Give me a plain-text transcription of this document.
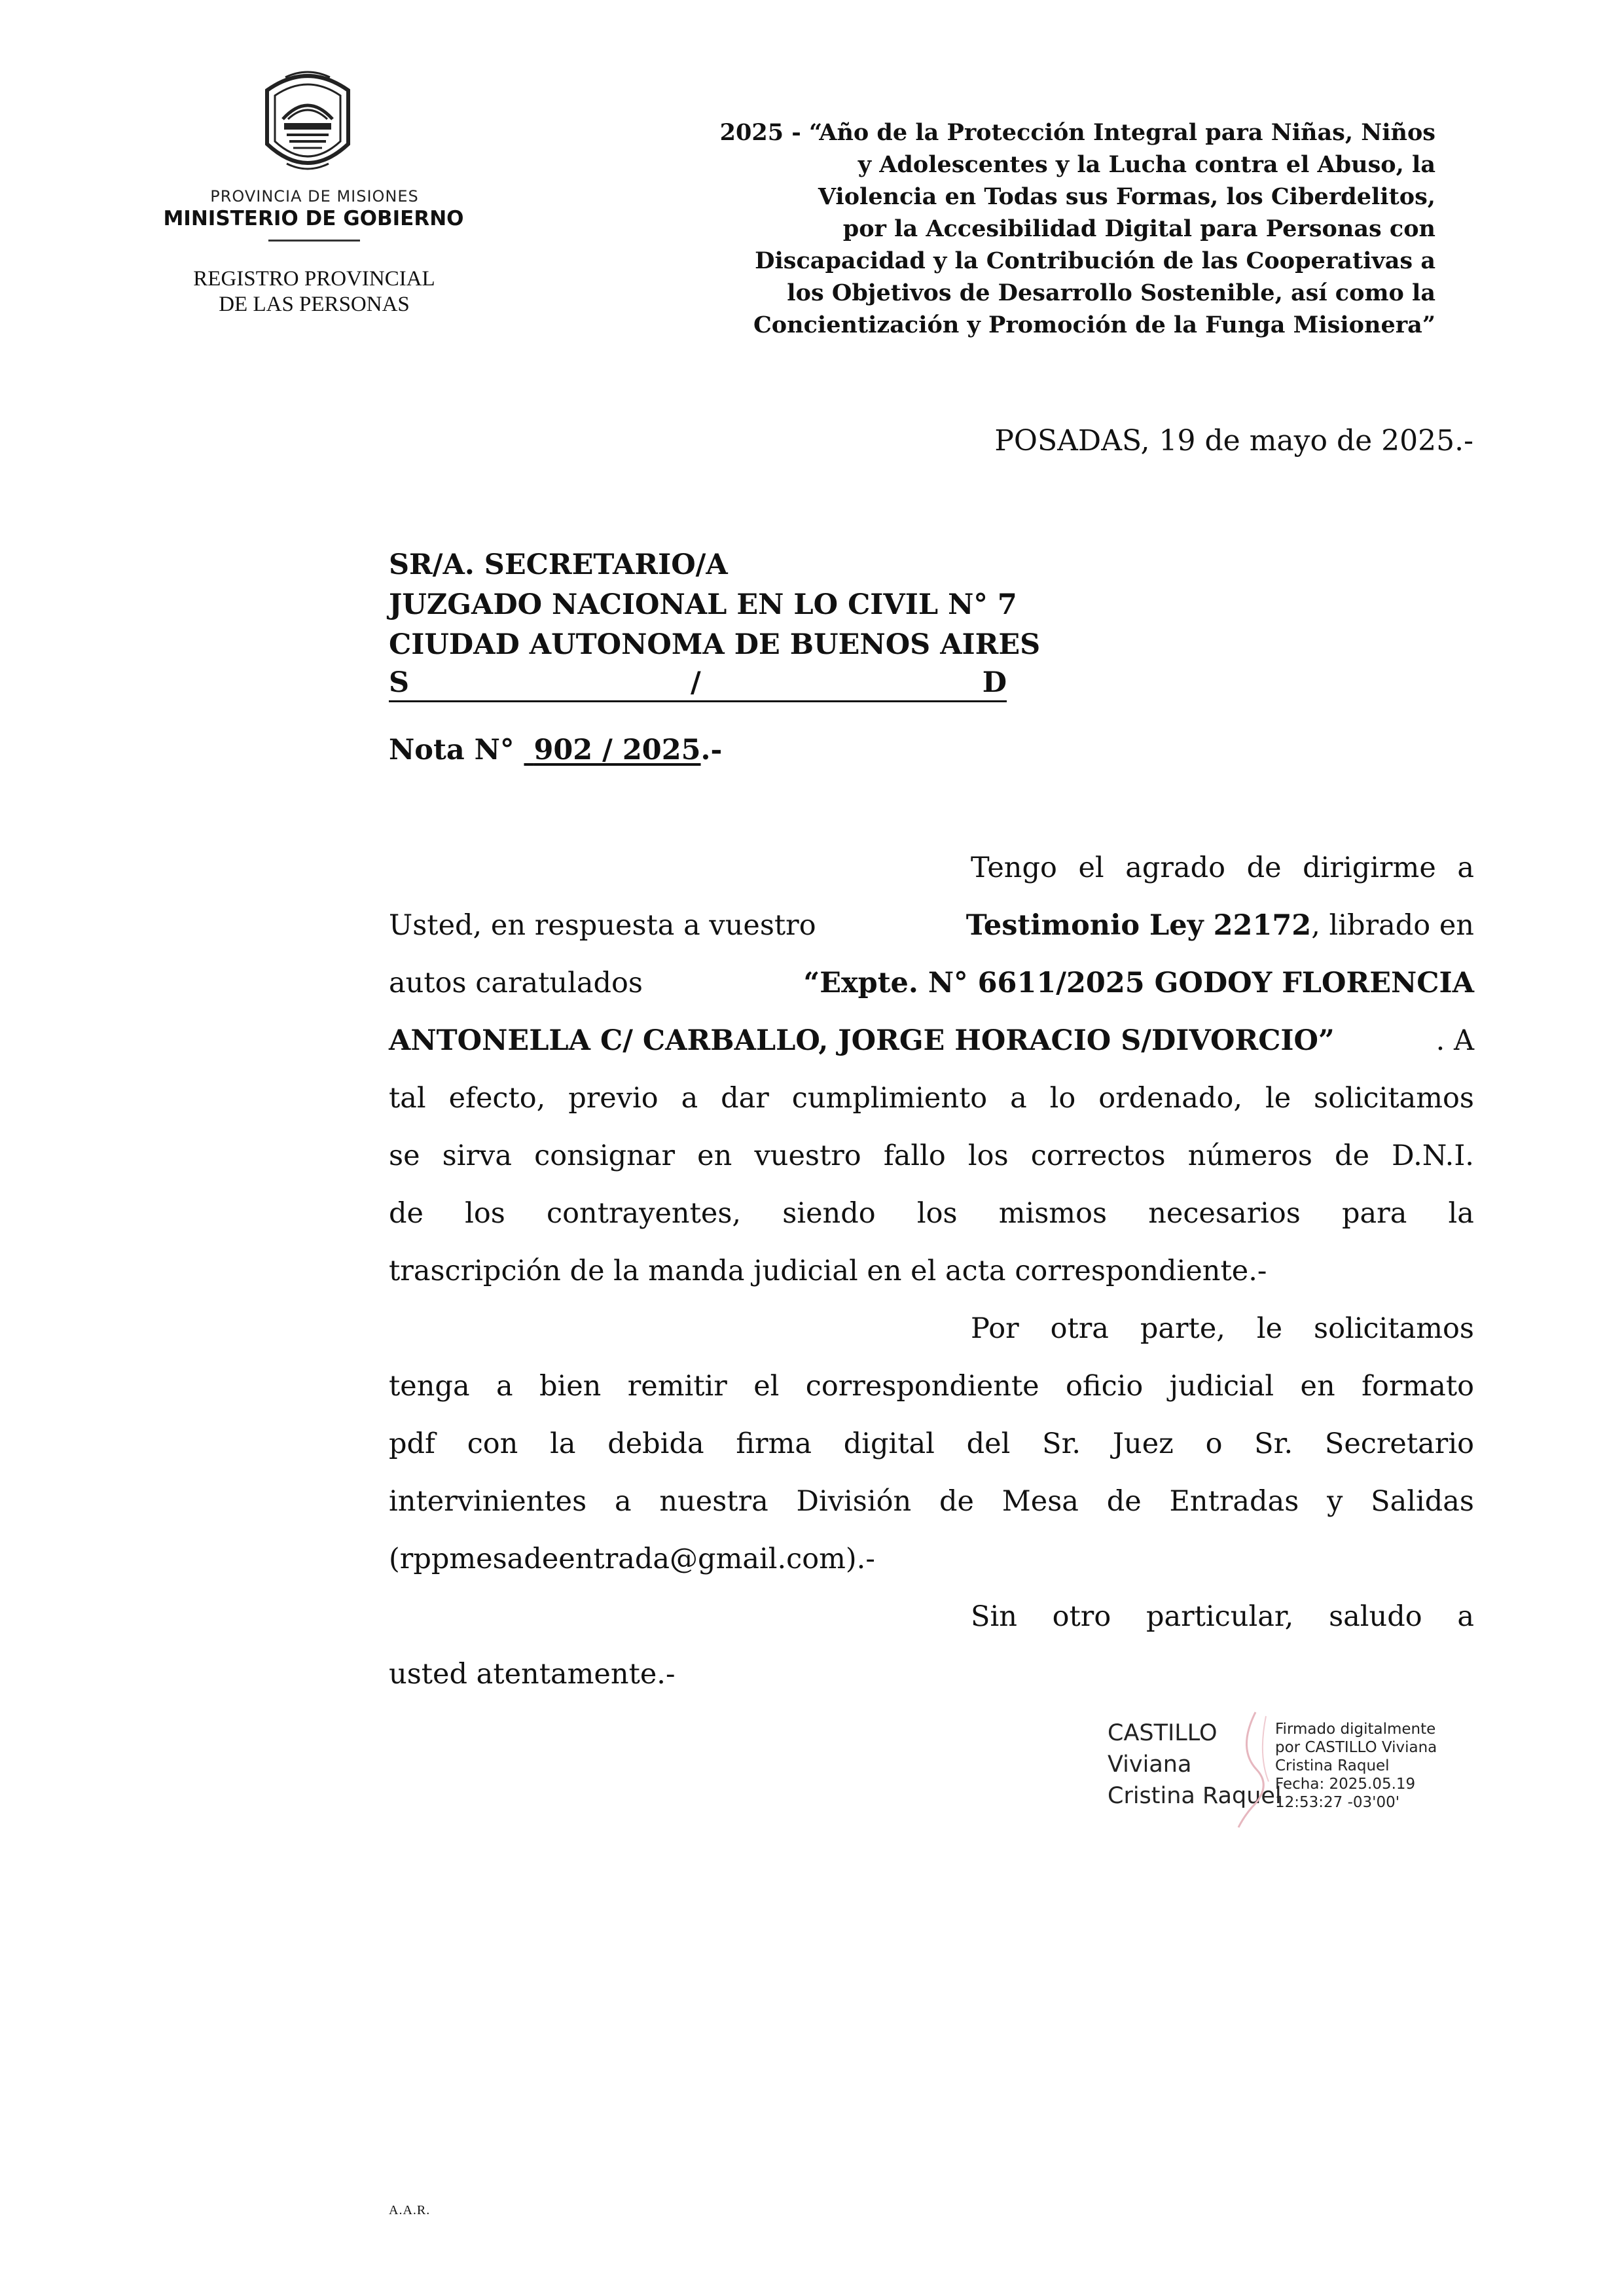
PROVINCIA DE MISIONES
MINISTERIO DE GOBIERNO
REGISTRO PROVINCIAL
DE LAS PERSONAS
2025 - “Año de la Protección Integral para Niñas, Niños
y Adolescentes y la Lucha contra el Abuso, la
Violencia en Todas sus Formas, los Ciberdelitos,
por la Accesibilidad Digital para Personas con
Discapacidad y la Contribución de las Cooperativas a
los Objetivos de Desarrollo Sostenible, así como la
Concientización y Promoción de la Funga Misionera”
POSADAS, 19 de mayo de 2025.-
SR/A. SECRETARIO/A
JUZGADO NACIONAL EN LO CIVIL N° 7
CIUDAD AUTONOMA DE BUENOS AIRES
S	/	D
Nota N° 902 / 2025.-
Tengo el agrado de dirigirme a
Usted, en respuesta a vuestro	Testimonio Ley 22172, librado en
autos caratulados	“Expte. N° 6611/2025 GODOY FLORENCIA
ANTONELLA C/ CARBALLO, JORGE HORACIO S/DIVORCIO”	. A
tal efecto, previo a dar cumplimiento a lo ordenado, le solicitamos
se sirva consignar en vuestro fallo los correctos números de D.N.I.
de los contrayentes, siendo los mismos necesarios para la
trascripción de la manda judicial en el acta correspondiente.-
Por otra parte, le solicitamos
tenga a bien remitir el correspondiente oficio judicial en formato
pdf con la debida firma digital del Sr. Juez o Sr. Secretario
intervinientes a nuestra División de Mesa de Entradas y Salidas
(rppmesadeentrada@gmail.com).-
Sin otro particular, saludo a
usted atentamente.-
CASTILLO
Viviana
Cristina Raquel
Firmado digitalmente
por CASTILLO Viviana
Cristina Raquel
Fecha: 2025.05.19
12:53:27 -03'00'
A.A.R.
